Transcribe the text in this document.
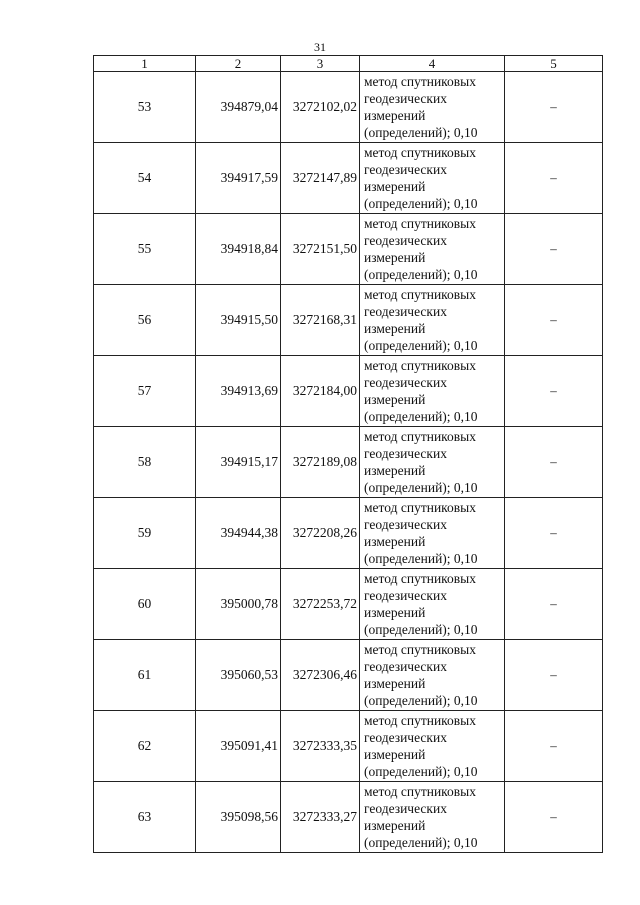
31
1	2	3	4	5
53	394879,04	3272102,02	метод спутниковых
геодезических
измерений
(определений); 0,10	–
54	394917,59	3272147,89	метод спутниковых
геодезических
измерений
(определений); 0,10	–
55	394918,84	3272151,50	метод спутниковых
геодезических
измерений
(определений); 0,10	–
56	394915,50	3272168,31	метод спутниковых
геодезических
измерений
(определений); 0,10	–
57	394913,69	3272184,00	метод спутниковых
геодезических
измерений
(определений); 0,10	–
58	394915,17	3272189,08	метод спутниковых
геодезических
измерений
(определений); 0,10	–
59	394944,38	3272208,26	метод спутниковых
геодезических
измерений
(определений); 0,10	–
60	395000,78	3272253,72	метод спутниковых
геодезических
измерений
(определений); 0,10	–
61	395060,53	3272306,46	метод спутниковых
геодезических
измерений
(определений); 0,10	–
62	395091,41	3272333,35	метод спутниковых
геодезических
измерений
(определений); 0,10	–
63	395098,56	3272333,27	метод спутниковых
геодезических
измерений
(определений); 0,10	–
